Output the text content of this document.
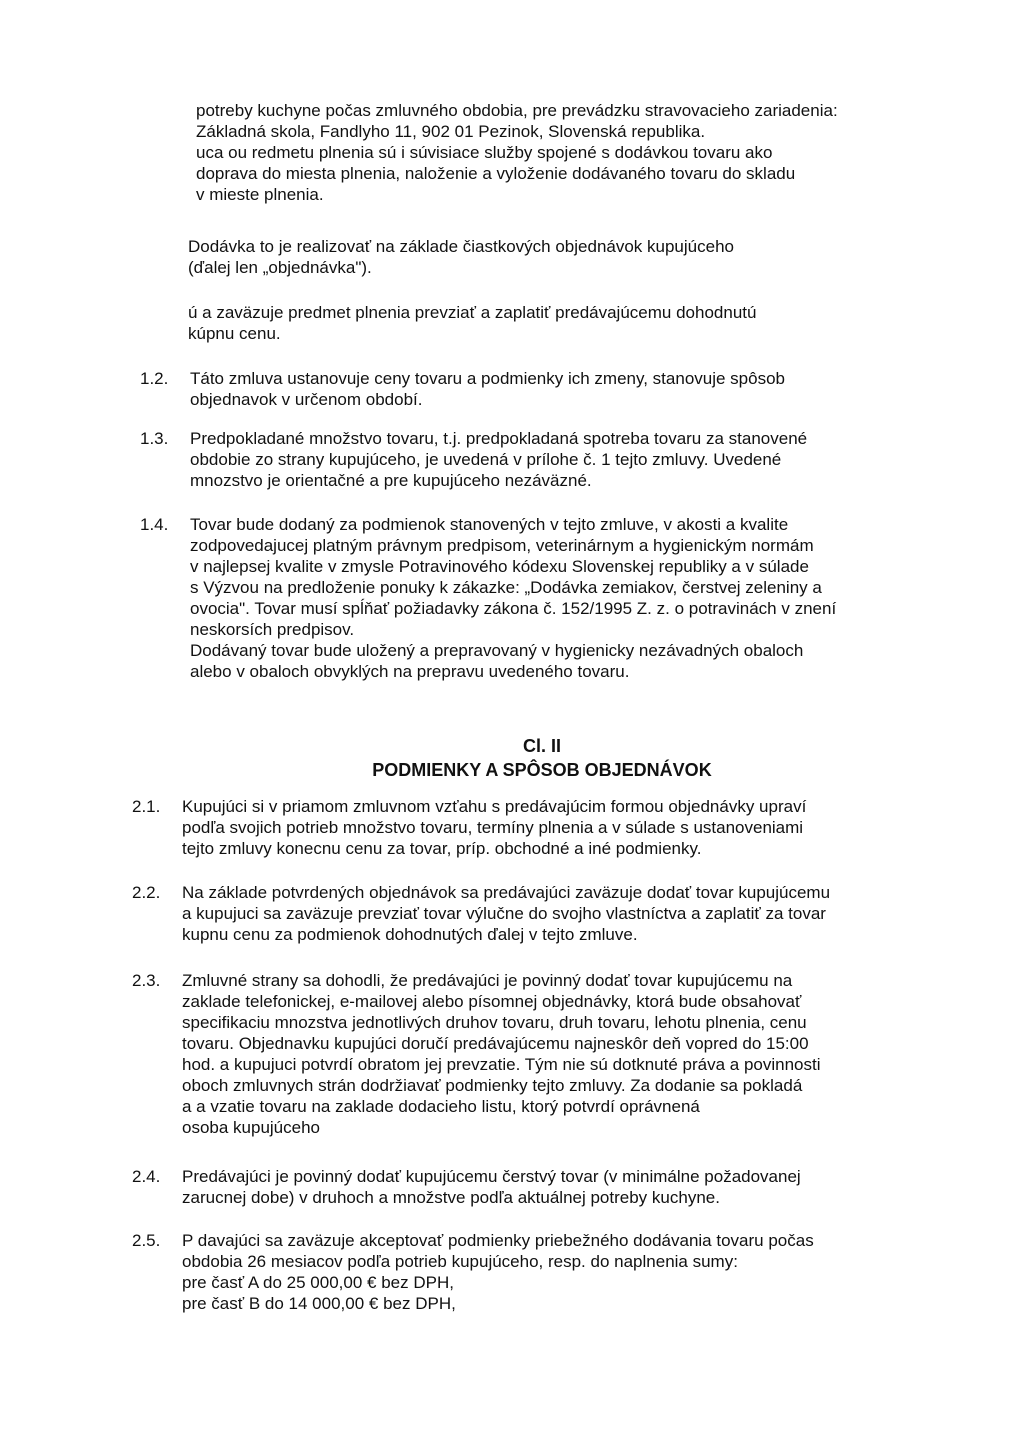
potreby kuchyne počas zmluvného obdobia, pre prevádzku stravovacieho zariadenia:
Základná skola, Fandlyho 11, 902 01 Pezinok, Slovenská republika.
uca ou redmetu plnenia sú i súvisiace služby spojené s dodávkou tovaru ako
doprava do miesta plnenia, naloženie a vyloženie dodávaného tovaru do skladu
v mieste plnenia.
Dodávka to je realizovať na základe čiastkových objednávok kupujúceho
(ďalej len „objednávka").
ú a zaväzuje predmet plnenia prevziať a zaplatiť predávajúcemu dohodnutú
kúpnu cenu.
1.2.	Táto zmluva ustanovuje ceny tovaru a podmienky ich zmeny, stanovuje spôsob
objednavok v určenom období.
1.3.	Predpokladané množstvo tovaru, t.j. predpokladaná spotreba tovaru za stanovené
obdobie zo strany kupujúceho, je uvedená v prílohe č. 1 tejto zmluvy. Uvedené
mnozstvo je orientačné a pre kupujúceho nezáväzné.
1.4.	Tovar bude dodaný za podmienok stanovených v tejto zmluve, v akosti a kvalite
zodpovedajucej platným právnym predpisom, veterinárnym a hygienickým normám
v najlepsej kvalite v zmysle Potravinového kódexu Slovenskej republiky a v súlade
s Výzvou na predloženie ponuky k zákazke: „Dodávka zemiakov, čerstvej zeleniny a
ovocia". Tovar musí spĺňať požiadavky zákona č. 152/1995 Z. z. o potravinách v znení
neskorsích predpisov.
Dodávaný tovar bude uložený a prepravovaný v hygienicky nezávadných obaloch
alebo v obaloch obvyklých na prepravu uvedeného tovaru.
Cl. II
PODMIENKY A SPÔSOB OBJEDNÁVOK
2.1.	Kupujúci si v priamom zmluvnom vzťahu s predávajúcim formou objednávky upraví
podľa svojich potrieb množstvo tovaru, termíny plnenia a v súlade s ustanoveniami
tejto zmluvy konecnu cenu za tovar, príp. obchodné a iné podmienky.
2.2.	Na základe potvrdených objednávok sa predávajúci zaväzuje dodať tovar kupujúcemu
a kupujuci sa zaväzuje prevziať tovar výlučne do svojho vlastníctva a zaplatiť za tovar
kupnu cenu za podmienok dohodnutých ďalej v tejto zmluve.
2.3.	Zmluvné strany sa dohodli, že predávajúci je povinný dodať tovar kupujúcemu na
zaklade telefonickej, e-mailovej alebo písomnej objednávky, ktorá bude obsahovať
specifikaciu mnozstva jednotlivých druhov tovaru, druh tovaru, lehotu plnenia, cenu
tovaru. Objednavku kupujúci doručí predávajúcemu najneskôr deň vopred do 15:00
hod. a kupujuci potvrdí obratom jej prevzatie. Tým nie sú dotknuté práva a povinnosti
oboch zmluvnych strán dodržiavať podmienky tejto zmluvy. Za dodanie sa pokladá
a a vzatie tovaru na zaklade dodacieho listu, ktorý potvrdí oprávnená
osoba kupujúceho
2.4.	Predávajúci je povinný dodať kupujúcemu čerstvý tovar (v minimálne požadovanej
zarucnej dobe) v druhoch a množstve podľa aktuálnej potreby kuchyne.
2.5.	P davajúci sa zaväzuje akceptovať podmienky priebežného dodávania tovaru počas
obdobia 26 mesiacov podľa potrieb kupujúceho, resp. do naplnenia sumy:
pre časť A do 25 000,00 € bez DPH,
pre časť B do 14 000,00 € bez DPH,
